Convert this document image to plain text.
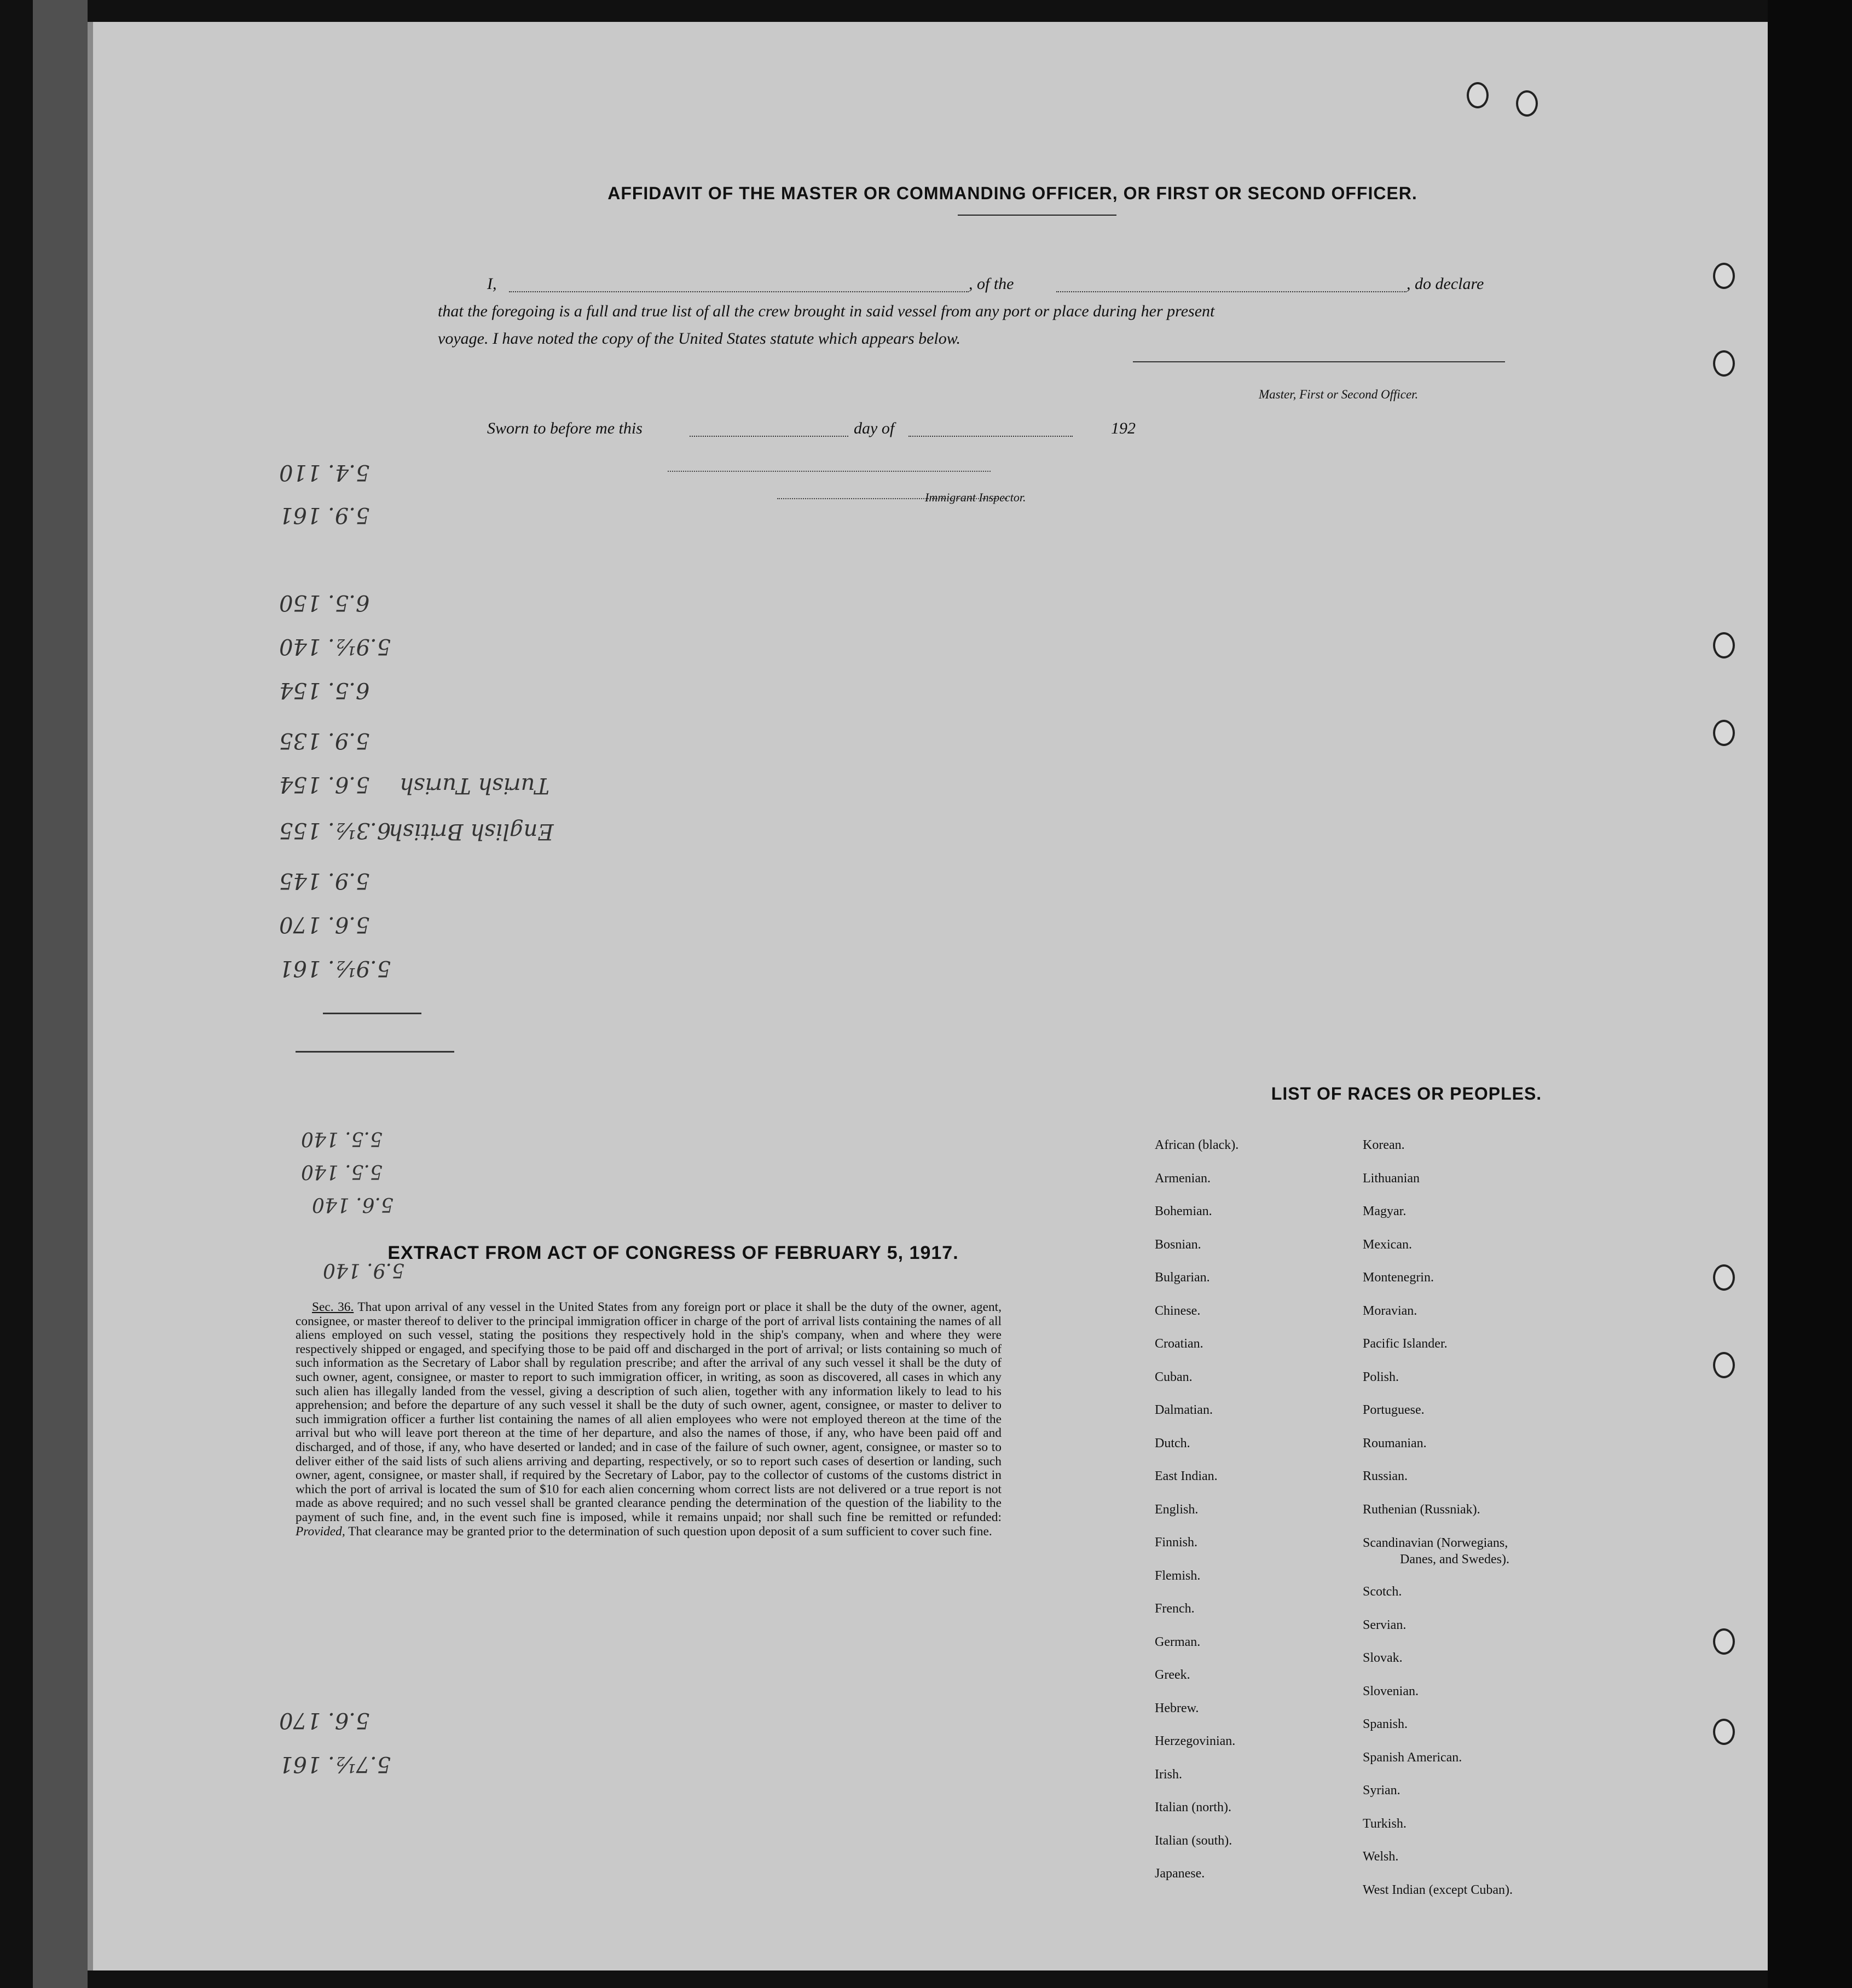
AFFIDAVIT OF THE MASTER OR COMMANDING OFFICER, OR FIRST OR SECOND OFFICER.
I,	, of the	, do declare
that the foregoing is a full and true list of all the crew brought in said vessel from any port or place during her present
voyage. I have noted the copy of the United States statute which appears below.
Master, First or Second Officer.
Sworn to before me this	day of	192
Immigrant Inspector.
5.4. 110
5.9. 161
6.5. 150
5.9½. 140
6.5. 154
5.9. 135
5.6. 154
6.3½. 155
5.9. 145
5.6. 170
5.9½. 161
Turish Turish
English British
5.5. 140
5.5. 140
5.6. 140
5.9. 140
5.6. 170
5.7½. 161
EXTRACT FROM ACT OF CONGRESS OF FEBRUARY 5, 1917.
Sec. 36. That upon arrival of any vessel in the United States from any foreign port or place it shall be the duty of the owner, agent, consignee, or master thereof to deliver to the principal immigration officer in charge of the port of arrival lists containing the names of all aliens employed on such vessel, stating the positions they respectively hold in the ship's company, when and where they were respectively shipped or engaged, and specifying those to be paid off and discharged in the port of arrival; or lists containing so much of such information as the Secretary of Labor shall by regulation prescribe; and after the arrival of any such vessel it shall be the duty of such owner, agent, consignee, or master to report to such immigration officer, in writing, as soon as discovered, all cases in which any such alien has illegally landed from the vessel, giving a description of such alien, together with any information likely to lead to his apprehension; and before the departure of any such vessel it shall be the duty of such owner, agent, consignee, or master to deliver to such immigration officer a further list containing the names of all alien employees who were not employed thereon at the time of the arrival but who will leave port thereon at the time of her departure, and also the names of those, if any, who have been paid off and discharged, and of those, if any, who have deserted or landed; and in case of the failure of such owner, agent, consignee, or master so to deliver either of the said lists of such aliens arriving and departing, respectively, or so to report such cases of desertion or landing, such owner, agent, consignee, or master shall, if required by the Secretary of Labor, pay to the collector of customs of the customs district in which the port of arrival is located the sum of $10 for each alien concerning whom correct lists are not delivered or a true report is not made as above required; and no such vessel shall be granted clearance pending the determination of the question of the liability to the payment of such fine, and, in the event such fine is imposed, while it remains unpaid; nor shall such fine be remitted or refunded: Provided, That clearance may be granted prior to the determination of such question upon deposit of a sum sufficient to cover such fine.
LIST OF RACES OR PEOPLES.
African (black).
Armenian.
Bohemian.
Bosnian.
Bulgarian.
Chinese.
Croatian.
Cuban.
Dalmatian.
Dutch.
East Indian.
English.
Finnish.
Flemish.
French.
German.
Greek.
Hebrew.
Herzegovinian.
Irish.
Italian (north).
Italian (south).
Japanese.
Korean.
Lithuanian
Magyar.
Mexican.
Montenegrin.
Moravian.
Pacific Islander.
Polish.
Portuguese.
Roumanian.
Russian.
Ruthenian (Russniak).
Scandinavian (Norwegians,
Danes, and Swedes).
Scotch.
Servian.
Slovak.
Slovenian.
Spanish.
Spanish American.
Syrian.
Turkish.
Welsh.
West Indian (except Cuban).
